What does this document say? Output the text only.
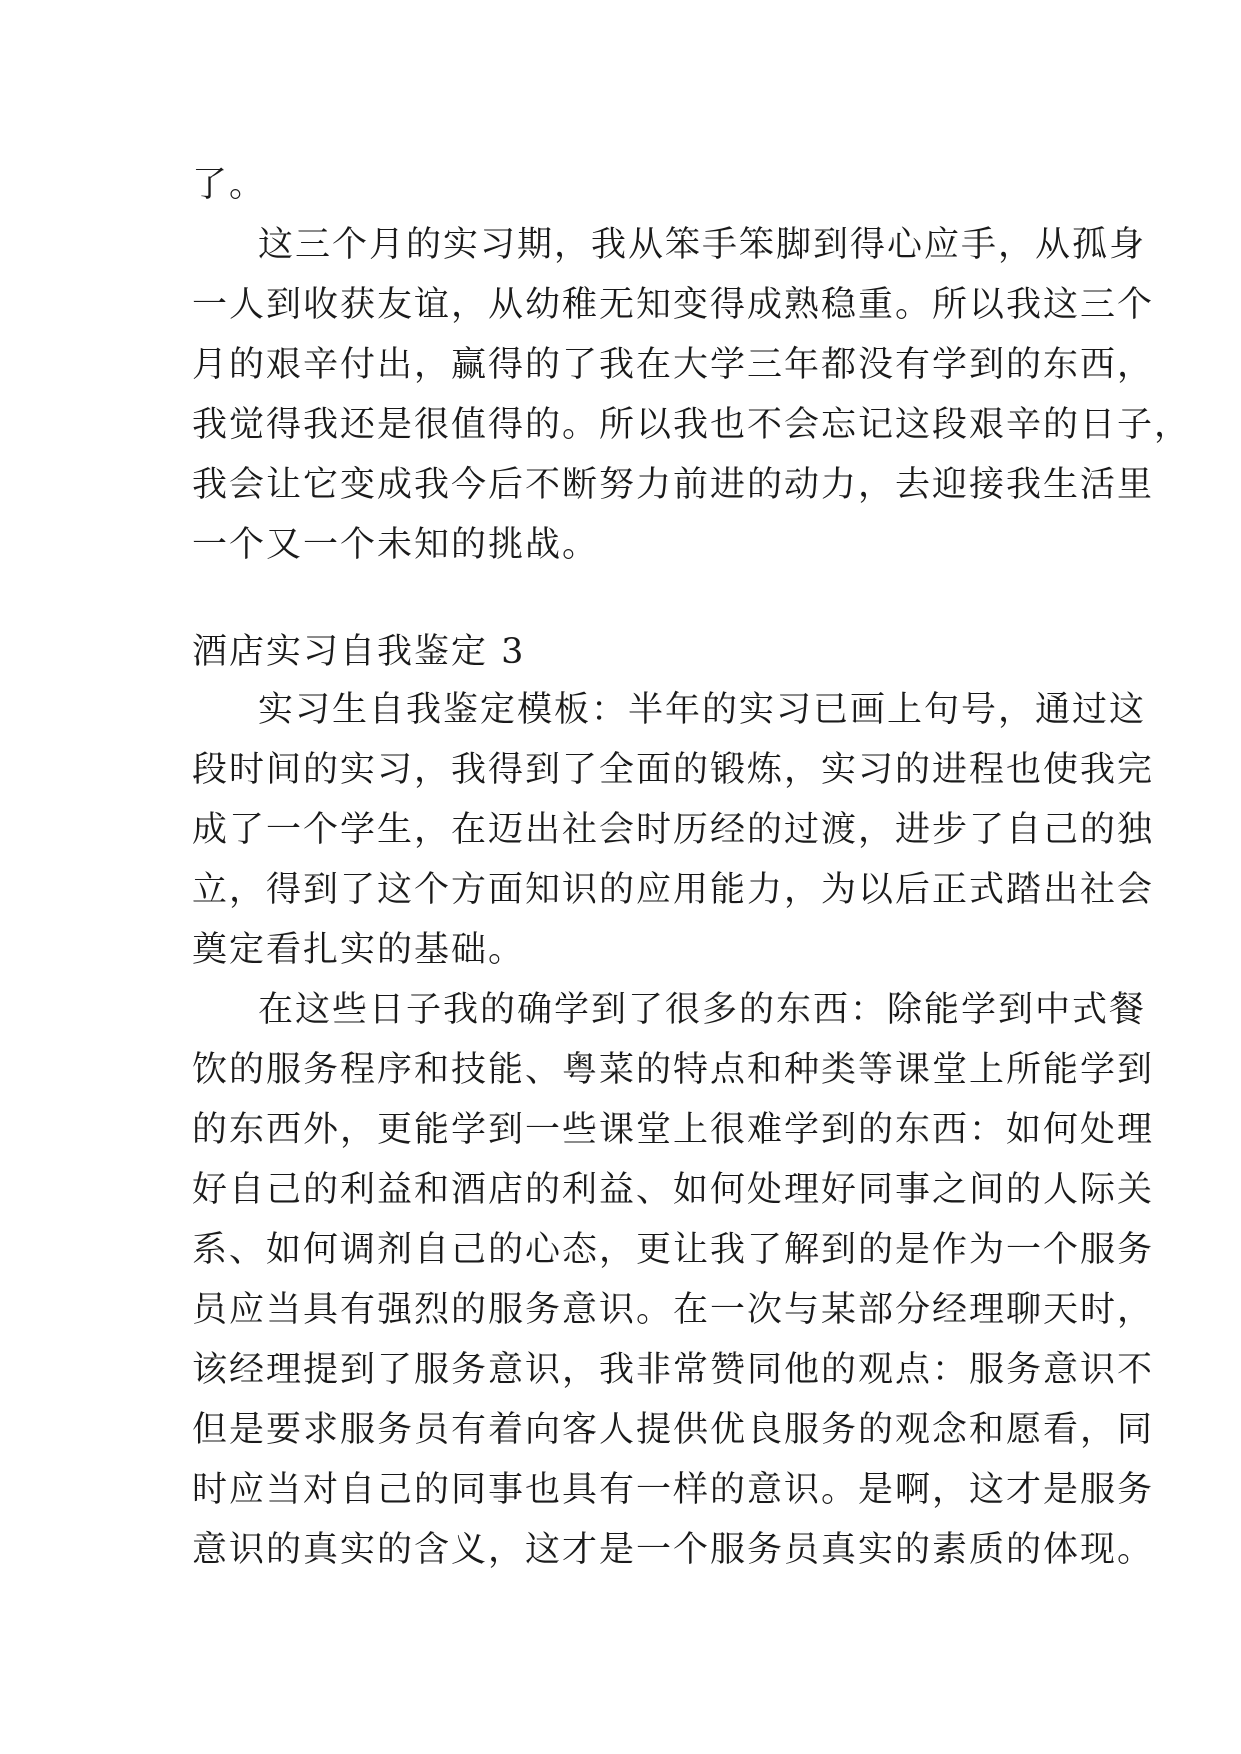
了。
这三个月的实习期，我从笨手笨脚到得心应手，从孤身
一人到收获友谊，从幼稚无知变得成熟稳重。所以我这三个
月的艰辛付出，赢得的了我在大学三年都没有学到的东西，
我觉得我还是很值得的。所以我也不会忘记这段艰辛的日子，
我会让它变成我今后不断努力前进的动力，去迎接我生活里
一个又一个未知的挑战。
酒店实习自我鉴定 3
实习生自我鉴定模板：半年的实习已画上句号，通过这
段时间的实习，我得到了全面的锻炼，实习的进程也使我完
成了一个学生，在迈出社会时历经的过渡，进步了自己的独
立，得到了这个方面知识的应用能力，为以后正式踏出社会
奠定看扎实的基础。
在这些日子我的确学到了很多的东西：除能学到中式餐
饮的服务程序和技能、粤菜的特点和种类等课堂上所能学到
的东西外，更能学到一些课堂上很难学到的东西：如何处理
好自己的利益和酒店的利益、如何处理好同事之间的人际关
系、如何调剂自己的心态，更让我了解到的是作为一个服务
员应当具有强烈的服务意识。在一次与某部分经理聊天时，
该经理提到了服务意识，我非常赞同他的观点：服务意识不
但是要求服务员有着向客人提供优良服务的观念和愿看，同
时应当对自己的同事也具有一样的意识。是啊，这才是服务
意识的真实的含义，这才是一个服务员真实的素质的体现。
